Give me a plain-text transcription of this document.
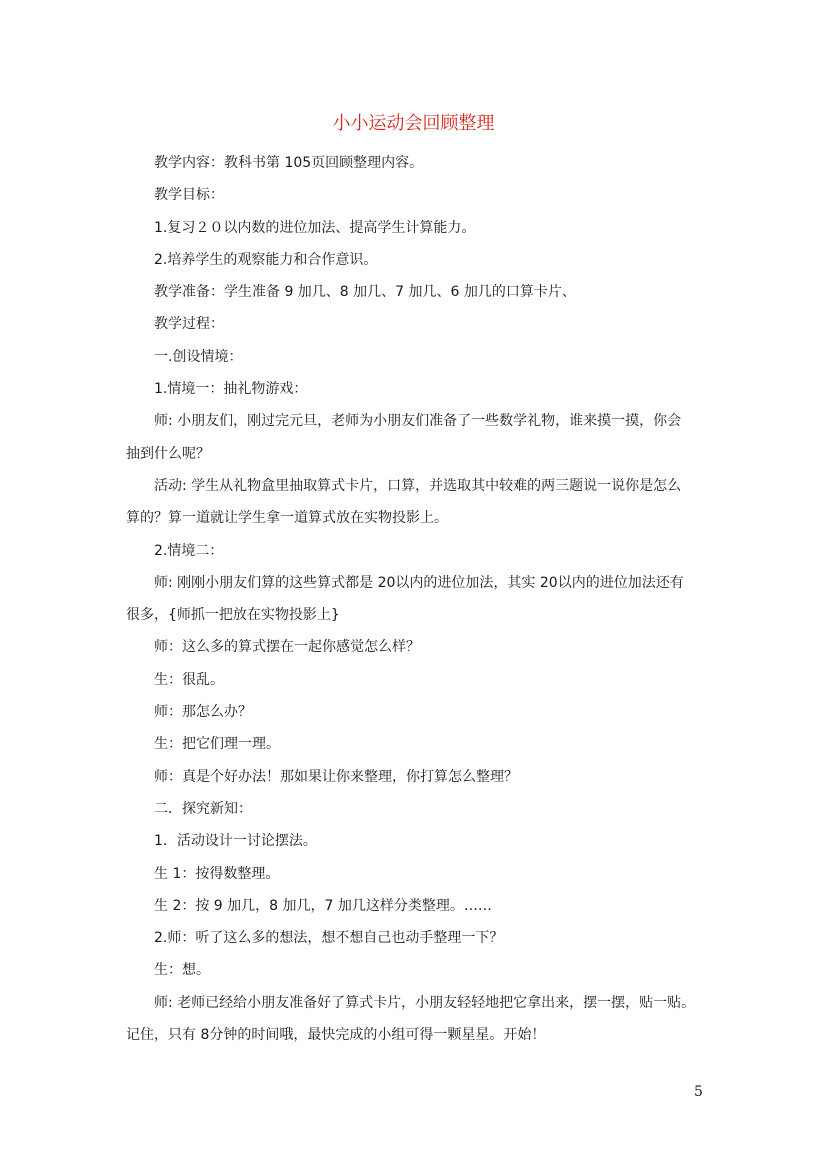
小小运动会回顾整理
教学内容：教科书第 105页回顾整理内容。
教学目标：
1.复习２０以内数的进位加法、提高学生计算能力。
2.培养学生的观察能力和合作意识。
教学准备：学生准备 9 加几、8 加几、7 加几、6 加几的口算卡片、
教学过程：
一.创设情境：
1.情境一：抽礼物游戏：
师: 小朋友们，刚过完元旦，老师为小朋友们准备了一些数学礼物，谁来摸一摸，你会
抽到什么呢？
活动: 学生从礼物盒里抽取算式卡片，口算，并选取其中较难的两三题说一说你是怎么
算的？算一道就让学生拿一道算式放在实物投影上。
2.情境二：
师: 刚刚小朋友们算的这些算式都是 20以内的进位加法，其实 20以内的进位加法还有
很多，{师抓一把放在实物投影上}
师：这么多的算式摆在一起你感觉怎么样？
生：很乱。
师：那怎么办？
生：把它们理一理。
师：真是个好办法！那如果让你来整理，你打算怎么整理？
二．探究新知：
1．活动设计一讨论摆法。
生 1：按得数整理。
生 2：按 9 加几，8 加几，7 加几这样分类整理。……
2.师：听了这么多的想法，想不想自己也动手整理一下？
生：想。
师: 老师已经给小朋友准备好了算式卡片，小朋友轻轻地把它拿出来，摆一摆，贴一贴。
记住，只有 8分钟的时间哦，最快完成的小组可得一颗星星。开始！
5
